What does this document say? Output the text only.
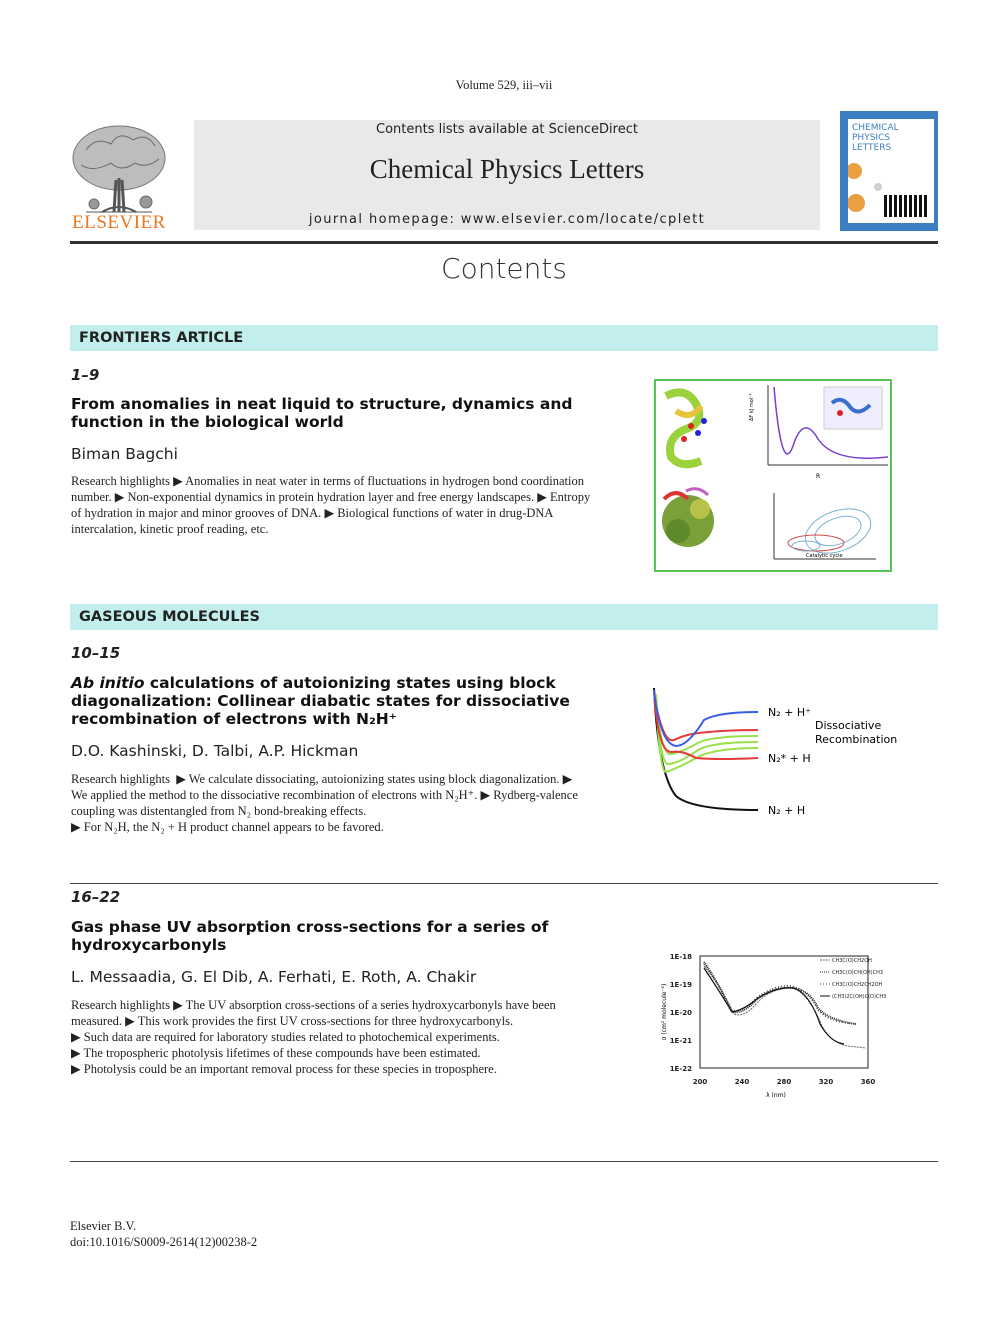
Volume 529, iii–vii
ELSEVIER
Contents lists available at ScienceDirect
Chemical Physics Letters
journal homepage: www.elsevier.com/locate/cplett
CHEMICAL
PHYSICS
LETTERS
Contents
FRONTIERS ARTICLE
1–9
From anomalies in neat liquid to structure, dynamics and function in the biological world
Biman Bagchi
Research highlights ▶ Anomalies in neat water in terms of fluctuations in hydrogen bond coordination number. ▶ Non-exponential dynamics in protein hydration layer and free energy landscapes. ▶ Entropy of hydration in major and minor grooves of DNA. ▶ Biological functions of water in drug-DNA intercalation, kinetic proof reading, etc.
ΔF kJ mol⁻¹
R
Catalytic cycle
GASEOUS MOLECULES
10–15
Ab initio calculations of autoionizing states using block diagonalization: Collinear diabatic states for dissociative recombination of electrons with N₂H⁺
D.O. Kashinski, D. Talbi, A.P. Hickman
Research highlights  ▶ We calculate dissociating, autoionizing states using block diagonalization. ▶ We applied the method to the dissociative recombination of electrons with N₂H⁺. ▶ Rydberg-valence coupling was distentangled from N₂ bond-breaking effects.
▶ For N₂H, the N₂ + H product channel appears to be favored.
N₂ + H⁺
N₂* + H
N₂ + H
Dissociative
Recombination
16–22
Gas phase UV absorption cross-sections for a series of hydroxycarbonyls
L. Messaadia, G. El Dib, A. Ferhati, E. Roth, A. Chakir
Research highlights ▶ The UV absorption cross-sections of a series hydroxycarbonyls have been measured. ▶ This work provides the first UV cross-sections for three hydroxycarbonyls.
▶ Such data are required for laboratory studies related to photochemical experiments.
▶ The tropospheric photolysis lifetimes of these compounds have been estimated.
▶ Photolysis could be an important removal process for these species in troposphere.
1E-18
1E-19
1E-20
1E-21
1E-22
200	240	280	320	360
λ (nm)
σ (cm² molecule⁻¹)
CH3C(O)CH2OH
CH3C(O)CH(OH)CH3
CH3C(O)CH2CH2OH
(CH3)2C(OH)C(O)CH3
Elsevier B.V.
doi:10.1016/S0009-2614(12)00238-2
